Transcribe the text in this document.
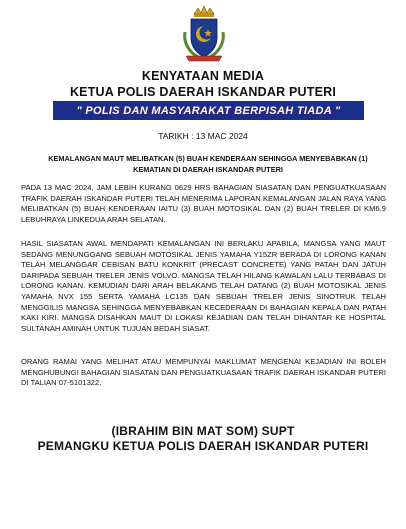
KENYATAAN MEDIA
KETUA POLIS DAERAH ISKANDAR PUTERI
" POLIS DAN MASYARAKAT BERPISAH TIADA "
TARIKH : 13 MAC 2024
KEMALANGAN MAUT MELIBATKAN (5) BUAH KENDERAAN SEHINGGA MENYEBABKAN (1) KEMATIAN DI DAERAH ISKANDAR PUTERI

PADA 13 MAC 2024, JAM LEBIH KURANG 0629 HRS BAHAGIAN SIASATAN DAN PENGUATKUASAAN TRAFIK DAERAH ISKANDAR PUTERI TELAH MENERIMA LAPORAN KEMALANGAN JALAN RAYA YANG MELIBATKAN (5) BUAH KENDERAAN IAITU (3) BUAH MOTOSIKAL DAN (2) BUAH TRELER DI KM6.9 LEBUHRAYA LINKEDUA ARAH SELATAN.

HASIL SIASATAN AWAL MENDAPATI KEMALANGAN INI BERLAKU APABILA, MANGSA YANG MAUT SEDANG MENUNGGANG SEBUAH MOTOSIKAL JENIS YAMAHA Y15ZR BERADA DI LORONG KANAN TELAH MELANGGAR CEBISAN BATU KONKRIT (PRECAST CONCRETE) YANG PATAH DAN JATUH DARIPADA SEBUAH TRELER JENIS VOLVO. MANGSA TELAH HILANG KAWALAN LALU TERBABAS DI LORONG KANAN. KEMUDIAN DARI ARAH BELAKANG TELAH DATANG (2) BUAH MOTOSIKAL JENIS YAMAHA NVX 155 SERTA YAMAHA LC135 DAN SEBUAH TRELER JENIS SINOTRUK TELAH MENGGILIS MANGSA SEHINGGA MENYEBABKAN KECEDERAAN DI BAHAGIAN KEPALA DAN PATAH KAKI KIRI. MANGSA DISAHKAN MAUT DI LOKASI KEJADIAN DAN TELAH DIHANTAR KE HOSPITAL SULTANAH AMINAH UNTUK TUJUAN BEDAH SIASAT.

ORANG RAMAI YANG MELIHAT ATAU MEMPUNYAI MAKLUMAT MENGENAI KEJADIAN INI BOLEH MENGHUBUNGI BAHAGIAN SIASATAN DAN PENGUATKUASAAN TRAFIK DAERAH ISKANDAR PUTERI DI TALIAN 07-5101322.

(IBRAHIM BIN MAT SOM) SUPT
PEMANGKU KETUA POLIS DAERAH ISKANDAR PUTERI
